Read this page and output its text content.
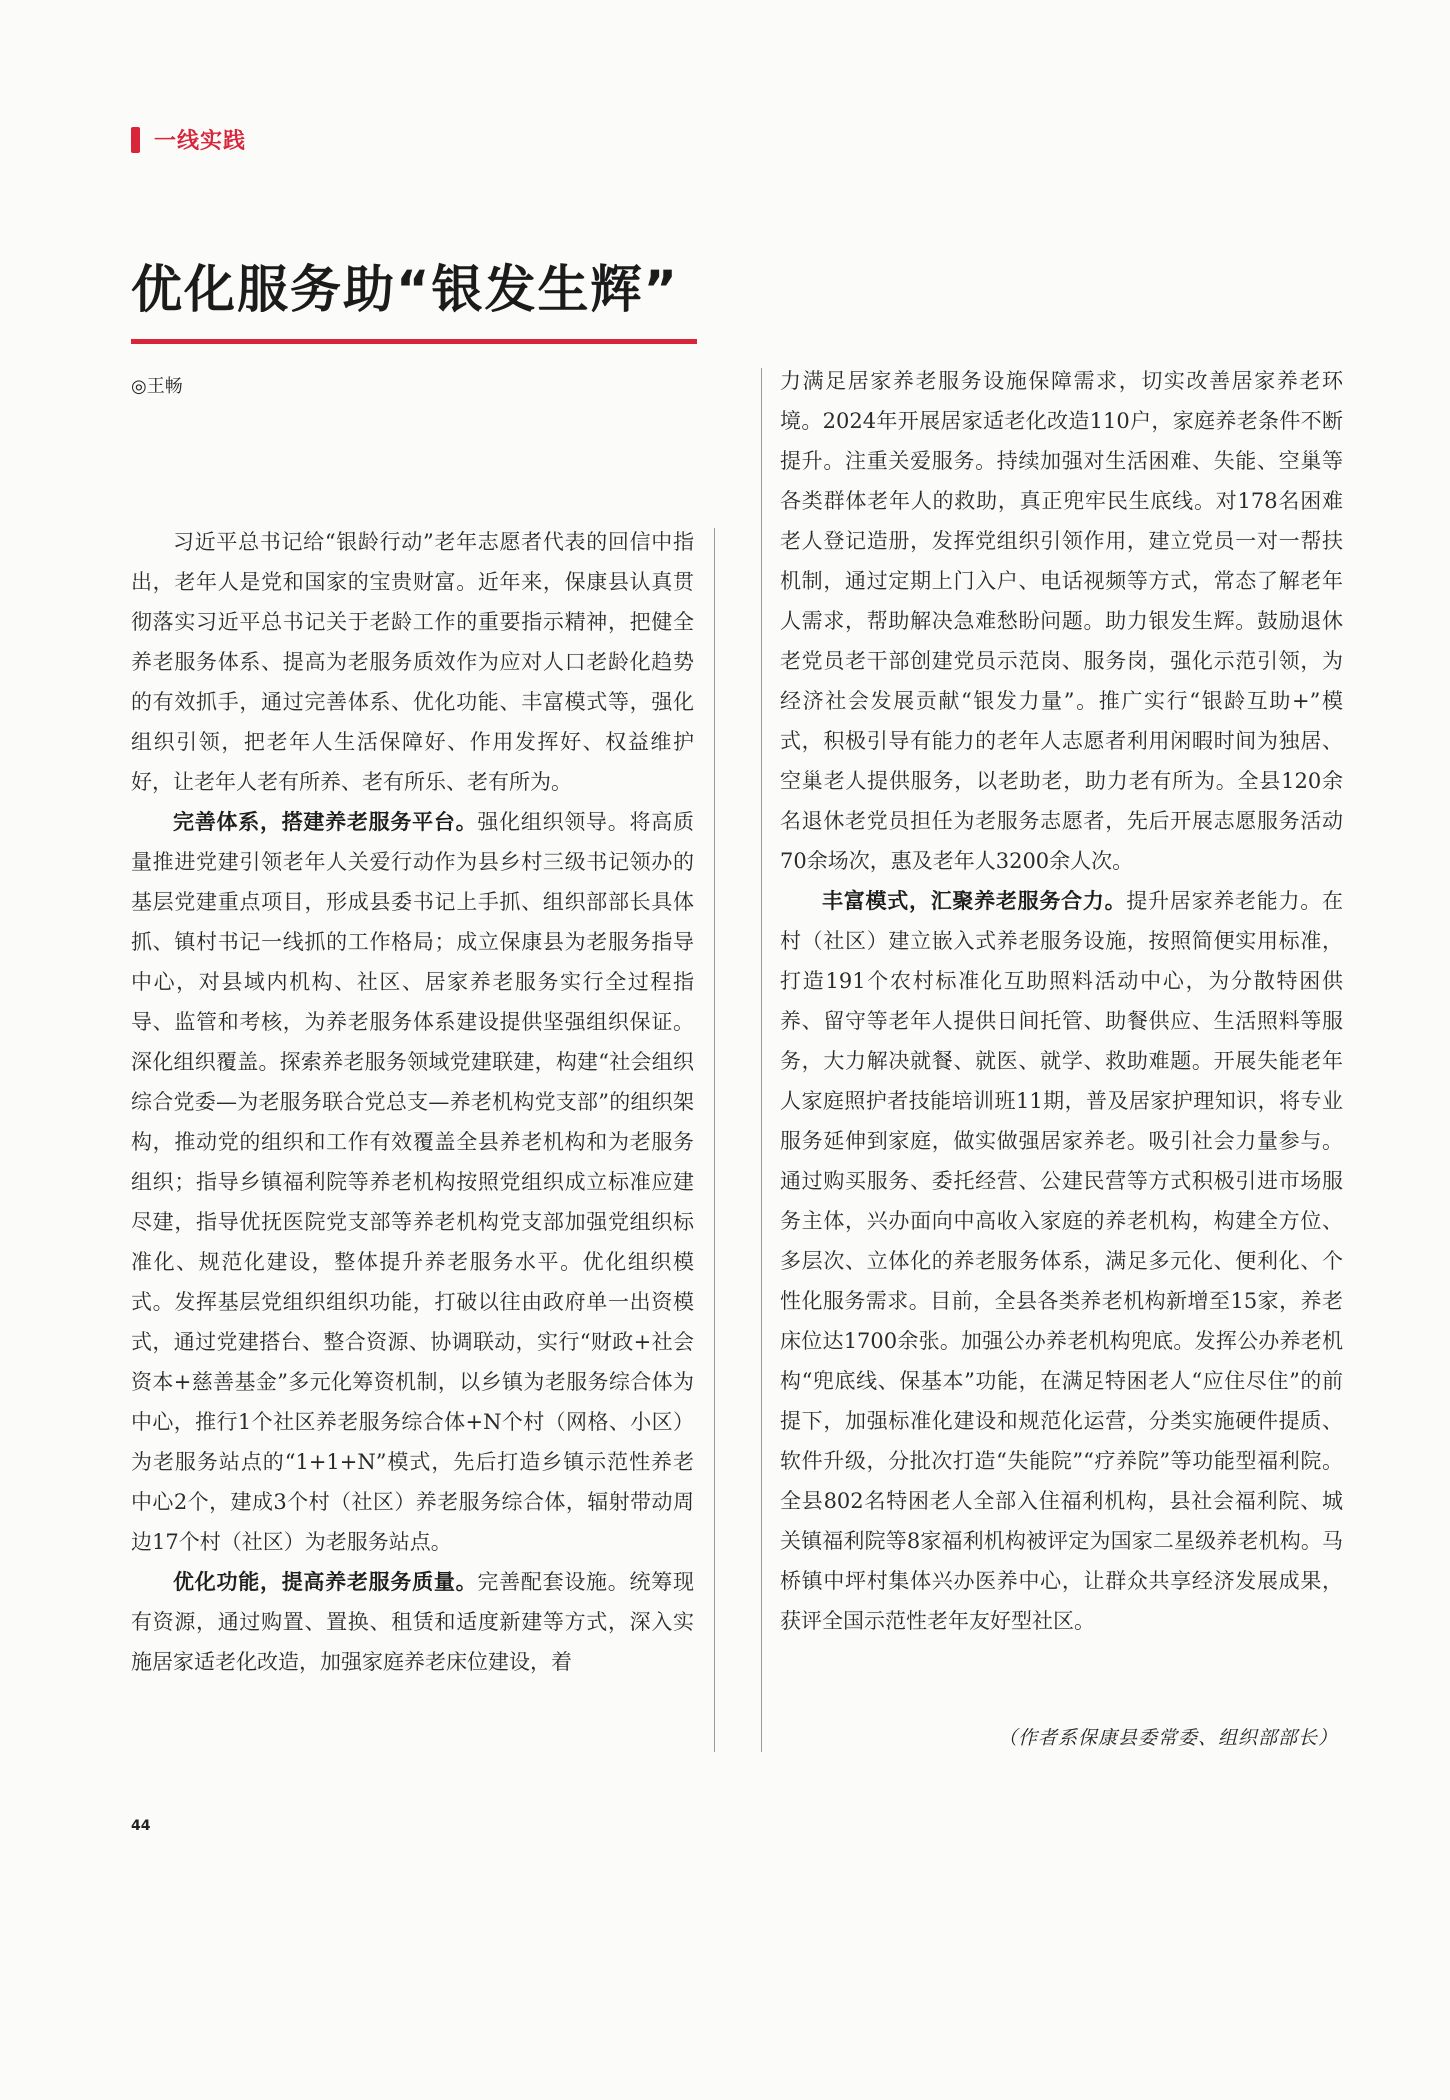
一线实践
优化服务助“银发生辉”
◎王畅

习近平总书记给“银龄行动”老年志愿者代表的回信中指出，老年人是党和国家的宝贵财富。近年来，保康县认真贯彻落实习近平总书记关于老龄工作的重要指示精神，把健全养老服务体系、提高为老服务质效作为应对人口老龄化趋势的有效抓手，通过完善体系、优化功能、丰富模式等，强化组织引领，把老年人生活保障好、作用发挥好、权益维护好，让老年人老有所养、老有所乐、老有所为。

完善体系，搭建养老服务平台。强化组织领导。将高质量推进党建引领老年人关爱行动作为县乡村三级书记领办的基层党建重点项目，形成县委书记上手抓、组织部部长具体抓、镇村书记一线抓的工作格局；成立保康县为老服务指导中心，对县域内机构、社区、居家养老服务实行全过程指导、监管和考核，为养老服务体系建设提供坚强组织保证。深化组织覆盖。探索养老服务领域党建联建，构建“社会组织综合党委—为老服务联合党总支—养老机构党支部”的组织架构，推动党的组织和工作有效覆盖全县养老机构和为老服务组织；指导乡镇福利院等养老机构按照党组织成立标准应建尽建，指导优抚医院党支部等养老机构党支部加强党组织标准化、规范化建设，整体提升养老服务水平。优化组织模式。发挥基层党组织组织功能，打破以往由政府单一出资模式，通过党建搭台、整合资源、协调联动，实行“财政+社会资本+慈善基金”多元化筹资机制，以乡镇为老服务综合体为中心，推行1个社区养老服务综合体+N个村（网格、小区）为老服务站点的“1+1+N”模式，先后打造乡镇示范性养老中心2个，建成3个村（社区）养老服务综合体，辐射带动周边17个村（社区）为老服务站点。

优化功能，提高养老服务质量。完善配套设施。统筹现有资源，通过购置、置换、租赁和适度新建等方式，深入实施居家适老化改造，加强家庭养老床位建设，着

力满足居家养老服务设施保障需求，切实改善居家养老环境。2024年开展居家适老化改造110户，家庭养老条件不断提升。注重关爱服务。持续加强对生活困难、失能、空巢等各类群体老年人的救助，真正兜牢民生底线。对178名困难老人登记造册，发挥党组织引领作用，建立党员一对一帮扶机制，通过定期上门入户、电话视频等方式，常态了解老年人需求，帮助解决急难愁盼问题。助力银发生辉。鼓励退休老党员老干部创建党员示范岗、服务岗，强化示范引领，为经济社会发展贡献“银发力量”。推广实行“银龄互助+”模式，积极引导有能力的老年人志愿者利用闲暇时间为独居、空巢老人提供服务，以老助老，助力老有所为。全县120余名退休老党员担任为老服务志愿者，先后开展志愿服务活动70余场次，惠及老年人3200余人次。

丰富模式，汇聚养老服务合力。提升居家养老能力。在村（社区）建立嵌入式养老服务设施，按照简便实用标准，打造191个农村标准化互助照料活动中心，为分散特困供养、留守等老年人提供日间托管、助餐供应、生活照料等服务，大力解决就餐、就医、就学、救助难题。开展失能老年人家庭照护者技能培训班11期，普及居家护理知识，将专业服务延伸到家庭，做实做强居家养老。吸引社会力量参与。通过购买服务、委托经营、公建民营等方式积极引进市场服务主体，兴办面向中高收入家庭的养老机构，构建全方位、多层次、立体化的养老服务体系，满足多元化、便利化、个性化服务需求。目前，全县各类养老机构新增至15家，养老床位达1700余张。加强公办养老机构兜底。发挥公办养老机构“兜底线、保基本”功能，在满足特困老人“应住尽住”的前提下，加强标准化建设和规范化运营，分类实施硬件提质、软件升级，分批次打造“失能院”“疗养院”等功能型福利院。全县802名特困老人全部入住福利机构，县社会福利院、城关镇福利院等8家福利机构被评定为国家二星级养老机构。马桥镇中坪村集体兴办医养中心，让群众共享经济发展成果，获评全国示范性老年友好型社区。

（作者系保康县委常委、组织部部长）
44
